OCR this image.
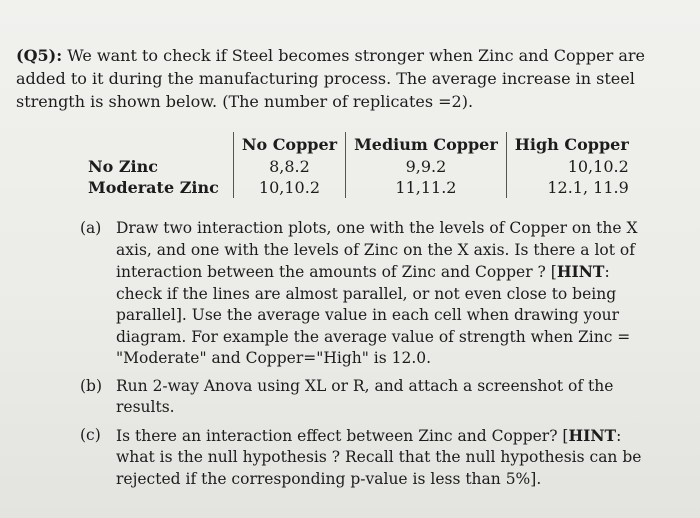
(Q5): We want to check if Steel becomes stronger when Zinc and Copper are added to it during the manufacturing process. The average increase in steel strength is shown below. (The number of replicates =2).
	No Copper	Medium Copper	High Copper
No Zinc	8,8.2	9,9.2	10,10.2
Moderate Zinc	10,10.2	11,11.2	12.1, 11.9
(a) Draw two interaction plots, one with the levels of Copper on the X axis, and one with the levels of Zinc on the X axis. Is there a lot of interaction between the amounts of Zinc and Copper ? [HINT: check if the lines are almost parallel, or not even close to being parallel]. Use the average value in each cell when drawing your diagram. For example the average value of strength when Zinc = "Moderate" and Copper="High" is 12.0.
(b) Run 2-way Anova using XL or R, and attach a screenshot of the results.
(c) Is there an interaction effect between Zinc and Copper? [HINT: what is the null hypothesis ? Recall that the null hypothesis can be rejected if the corresponding p-value is less than 5%].
